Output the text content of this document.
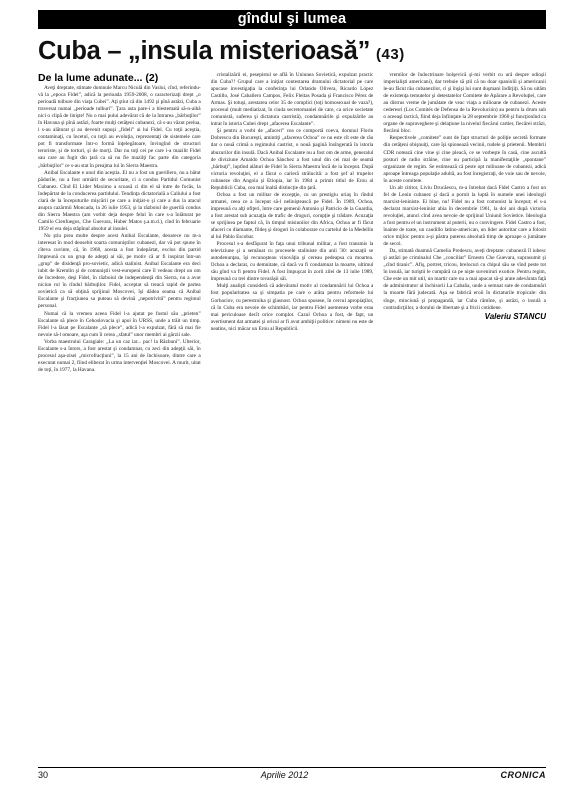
gîndul şi lumea
Cuba – „insula misterioasă” (43)

De la lume adunate... (2)

Aveţi dreptate, stimate domnule Marcu Niculă din Vaslui, cînd, referindu-vă la „epoca Fidel”, adică la perioada 1959-2008, o caracterizaţi drept „o perioadă tulbure din viaţa Cubei”. Aţi ştiut că din 1492 şi pînă astăzi, Cuba a traversat numai „perioade tulburi”. Ţara asta pare-i a blestemată să-n-aibă nici o clipă de linişte! Nu o mai pului adevărat că de la întrarea „bărbuţilor” în Havana şi pînă astăzi, foarte mulţi cetăţeni cubanezi, că s-au văzut prelua, i s-au alăturat şi au devenit supuşi „fideli” ai lui Fidel. Cu toţii aceştia, contaminaţi, cu încetul, cu toţii au evoluţia, reprezentaţi de sistemele care pot fi transformate într-o formă înţelegătoare, învingînd de structuri teroriste, şi de torturi, şi de morţi. Dar nu toţi cei pe care i-a mazilit Fidel sau care au fugit din ţară ca să nu fie mazilţi fac parte din categoria „bărbuţilor” ce s-au stat în preajma lui în Sierra Maestra.

Anibal Escalante e unul din aceştia. El nu a fost un guerillero, nu a bătut pădurile, nu a fost urmărit de securitate, ci a condus Partidul Comunist Cubanez. Cînd El Lider Maximo a scoasă ci din el să intre de focăs, la îndepărtat de la conducerea partidului. Tendinţa dictatorială a Caliului a fost clară de la începuturile mişcării pe care a iniţiat-o şi care a dus la atacul asupra cazărmii Moncada, la 26 iulie 1953, şi la războiul de guerilă condus din Sierra Maestra (am vorbit deja despre felul în care s-a înlăturat pe Camilo Cienfuegos, Che Guevara, Huber Matos ş.a.m.d.), cînd în februarie 1959 el era deja stăpînul absolut al insulei.

Nu ştiu prea multe despre acest Anibal Escalante, deoarece nu m-a interesat în mod deosebit soarta comuniştilor cubanezi, dar vă pot spune în cîteva cuvinte, că, în 1968, acesta a fost îndepărtat, exclus din partid împreună cu un grup de adepţi ai săi, pe motiv că ar fi inspirat într-un „grup” de disidenţă pro-sovietic, adică stalinist. Anibal Escalante era deci iubit de Kremlin şi de comuniştii vest-europeni care îl vedeau drept un om de încredere, deşi Fidel, în războiul de independenţă din Sierra, nu a avut niciun rol în rîndul bărbuţilor. Fidel, acceptat să treacă rapid de partea sovietică ca să obţină sprijinul Moscovei, îşi dădea seama că Anibal Escalante şi fracţiunea sa puteau să devină „nepotrivită” pentru regimul personal.

Numai că la vremea aceea Fidel l-a ajutat pe fostul său „prieten” Escalante să plece în Cehoslovacia şi apoi în URSS, unde a trăit un timp. Fidel l-a lăsat pe Escalante „să plece”, adică l-a expulzat, fără să mai fie nevoie să-l omoare, aşa cum îi cerea „sfatul” unor membri ai gărzii sale.

Vorba maestrului Caragiale: „La un caz iar... pac! la Răzbuni”. Ulterior, Escalante s-a întors, a fost arestat şi condamnat, cu zeci din adepţii săi, în procesul aşa-zisei „microfracţiuni”, la 15 ani de închisoare, dintre care a executat numai 2, fiind eliberat în urma intervenţiei Moscovei. A murit, uitat de toţi, în 1977, la Havana.

cristalizării ei, pesepistul se află în Uniunea Sovietică, expulzat practic din Cuba?! Grupul care a iniţiat contestarea dramului dictatorial pe care apucase investigaţia la conferinţa lui Orlando Olivera, Ricardo López Castillo, José Caballero Campos, Felix Fleitas Posada şi Francisco Pérez de Armas. Şi totuşi, arestarea celor 35 de complici (toţi homosexual de vaza?), procesul (mult mediatizat, în ciuda secretomaniei de care, ca orice societate comunistă, suferea şi dictatura castristă), condamnările şi expulzările au intrat în istoria Cubei drept „afacerea Escalante”.

Şi pentru a vorbi de „afaceri” cea ce comportă coeva, domnul Florin Dobrescu din Bucureşti, amintiţi „afacerea Ochoa” ce nu este cît este de rău dar o nouă crimă a regimului castrist, o nouă pagină însîngerată în istoria abuzurilor din insulă. Dacă Anibal Escalante nu a fost om de arme, generalul de diviziune Arnaldo Ochoa Sánchez a fost unul din cei mai de seamă „bărbuţi”, luptînd alături de Fidel în Sierra Maestra încă de la început. După victoria revoluţiei, el a făcut o carieră strălucită: a fost şef al trupelor cubaneze din Angola şi Etiopia, iar în 1984 a primit titlul de Erou al Republicii Cuba, cea mai înaltă distincţie din ţară.

Ochoa a fost un militar de excepţie, cu un prestigiu uriaş în rîndul armatei, ceea ce a început să-l neliniştească pe Fidel. În 1989, Ochoa, împreună cu alţi ofiţeri, între care gemenii Antonio şi Patricio de la Guardia, a fost arestat sub acuzaţia de trafic de droguri, corupţie şi trădare. Acuzaţia se sprijinea pe faptul că, în timpul misiunilor din Africa, Ochoa ar fi făcut afaceri cu diamante, fildeş şi droguri în colaborare cu cartelul de la Medellín al lui Pablo Escobar.

Procesul s-a desfăşurat în faţa unui tribunal militar, a fost transmis la televiziune şi a semănat cu procesele staliniste din anii '30: acuzaţii se autodenunţau, îşi recunoşteau vinovăţia şi cereau pedeapsa cu moartea. Ochoa a declarat, cu demnitate, că dacă va fi condamnat la moarte, ultimul său gînd va fi pentru Fidel. A fost împuşcat în zorii zilei de 13 iulie 1989, împreună cu trei dintre tovarăşii săi.

Mulţi analişti consideră că adevăratul motiv al condamnării lui Ochoa a fost popularitatea sa şi simpatia pe care o arăta pentru reformele lui Gorbaciov, cu perestroika şi glasnost. Ochoa spusese, în cercul apropiaţilor, că în Cuba era nevoie de schimbări, iar pentru Fidel asemenea vorbe erau mai periculoase decît orice complot. Cazul Ochoa a fost, de fapt, un avertisment dat armatei şi oricui ar fi avut ambiţii politice: nimeni nu este de neatins, nici măcar un Erou al Republicii.

vremilor de îndoctrinare bolşevică şi-mi verbit cu urâ despre odioşii imperialişti americani), dar trebuie să ştii că nu doar spaniolii şi americanii le-au făcut rău cubanezilor, ci şi înşişi lui sunt duşmani îndîrjiţi. Să nu uităm de existenţa temutelor şi detestatelor Comitete de Apărare a Revoluţiei, care au distrus vreme de jumătate de veac viaţa a milioane de cubanezi. Aceste cederesri (Los Comités de Defensa de la Revolución) au pentru la drum sub o aceeaşi tactică, fiind deja înfiinţate la 28 septembrie 1960 şi funcţionînd ca organe de supraveghere şi delaţiune la nivelul fiecărui cartier, fiecărei străzi, fiecărui bloc.

Respectivele „comitete” sunt de fapt structuri de poliţie secretă formate din cetăţeni obişnuiţi, care îşi spionează vecinii, rudele şi prietenii. Membrii CDR notează cine vine şi cine pleacă, ce se vorbeşte în casă, cine ascultă posturi de radio străine, cine nu participă la manifestaţiile „spontane” organizate de regim. Se estimează că peste opt milioane de cubanezi, adică aproape întreaga populaţie adultă, au fost înregistraţi, de voie sau de nevoie, în aceste comitete.

Un alt cititor, Liviu Drucăescu, m-a întrebat dacă Fidel Castro a fost un fel de Lenin cubanez şi dacă a pornit la luptă în numele unei ideologii marxist-leniniste. Ei bine, nu! Fidel nu a fost comunist la început; el s-a declarat marxist-leninist abia în decembrie 1961, la doi ani după victoria revoluţiei, atunci cînd avea nevoie de sprijinul Uniunii Sovietice. Ideologia a fost pentru el un instrument al puterii, nu o convingere. Fidel Castro a fost, înainte de toate, un caudillo latino-american, un lider autoritar care a folosit orice mijloc pentru a-şi păstra puterea absolută timp de aproape o jumătate de secol.

Da, stimată doamnă Camelia Predescu, aveţi dreptate: cubanezii îl iubesc şi astăzi pe criminalul Che „conciliat” Ernesto Che Guevara, suprasumit şi „cînd tiranic”. Afiş, portret, tricou, brelocuri cu chipul său se vînd peste tot în insulă, iar turiştii le cumpără ca pe nişte suveniruri exotice. Pentru regim, Che este un mit util, un martir care nu a mai apucat să-şi arate adevărata faţă de administrator al închisorii La Cabaña, unde a semnat sute de condamnări la moarte fără judecată. Aşa se fabrică eroii în dictaturile tropicale: din sînge, minciună şi propagandă, iar Cuba rămîne, şi astăzi, o insulă a contradicţiilor, a dorului de libertate şi a fricii cotidiene.

Valeriu STANCU

30	Aprilie 2012	CRONICA
